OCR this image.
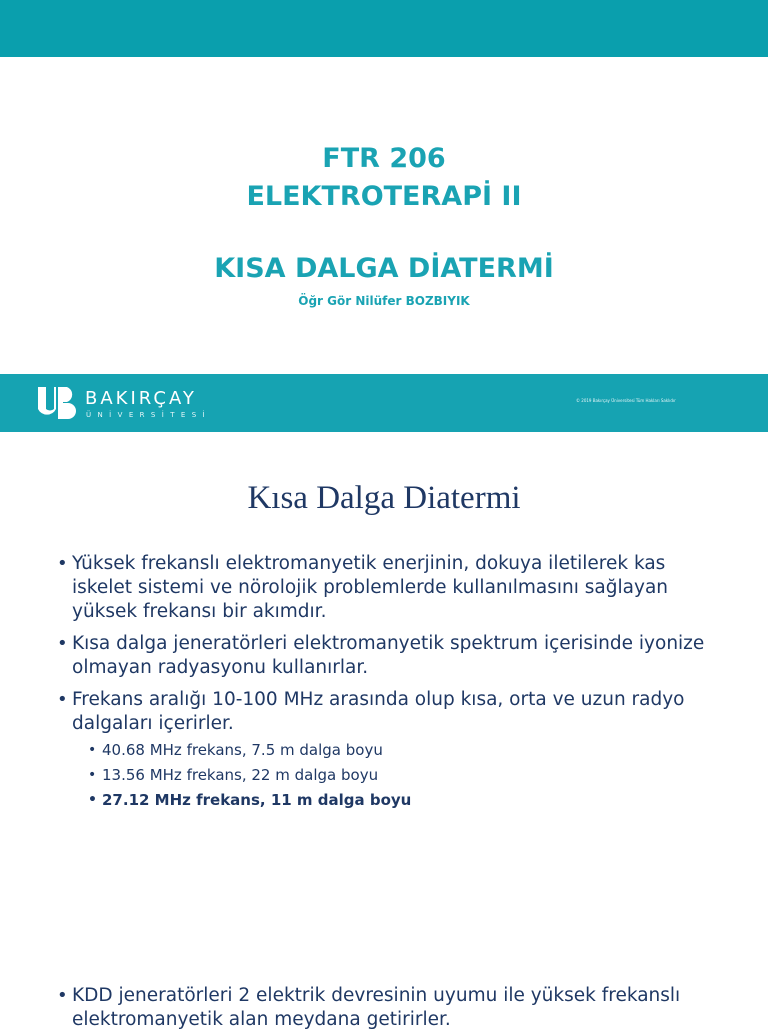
FTR 206
ELEKTROTERAPİ II
KISA DALGA DİATERMİ
Öğr Gör Nilüfer BOZBIYIK
BAKIRÇAY
ÜNİVERSİTESİ
© 2019 Bakırçay Üniversitesi Tüm Hakları Saklıdır
Kısa Dalga Diatermi
• Yüksek frekanslı elektromanyetik enerjinin, dokuya iletilerek kas iskelet sistemi ve nörolojik problemlerde kullanılmasını sağlayan yüksek frekansı bir akımdır.
• Kısa dalga jeneratörleri elektromanyetik spektrum içerisinde iyonize olmayan radyasyonu kullanırlar.
• Frekans aralığı 10-100 MHz arasında olup kısa, orta ve uzun radyo dalgaları içerirler.
• 40.68 MHz frekans, 7.5 m dalga boyu
• 13.56 MHz frekans, 22 m dalga boyu
• 27.12 MHz frekans, 11 m dalga boyu
• KDD jeneratörleri 2 elektrik devresinin uyumu ile yüksek frekanslı elektromanyetik alan meydana getirirler.
